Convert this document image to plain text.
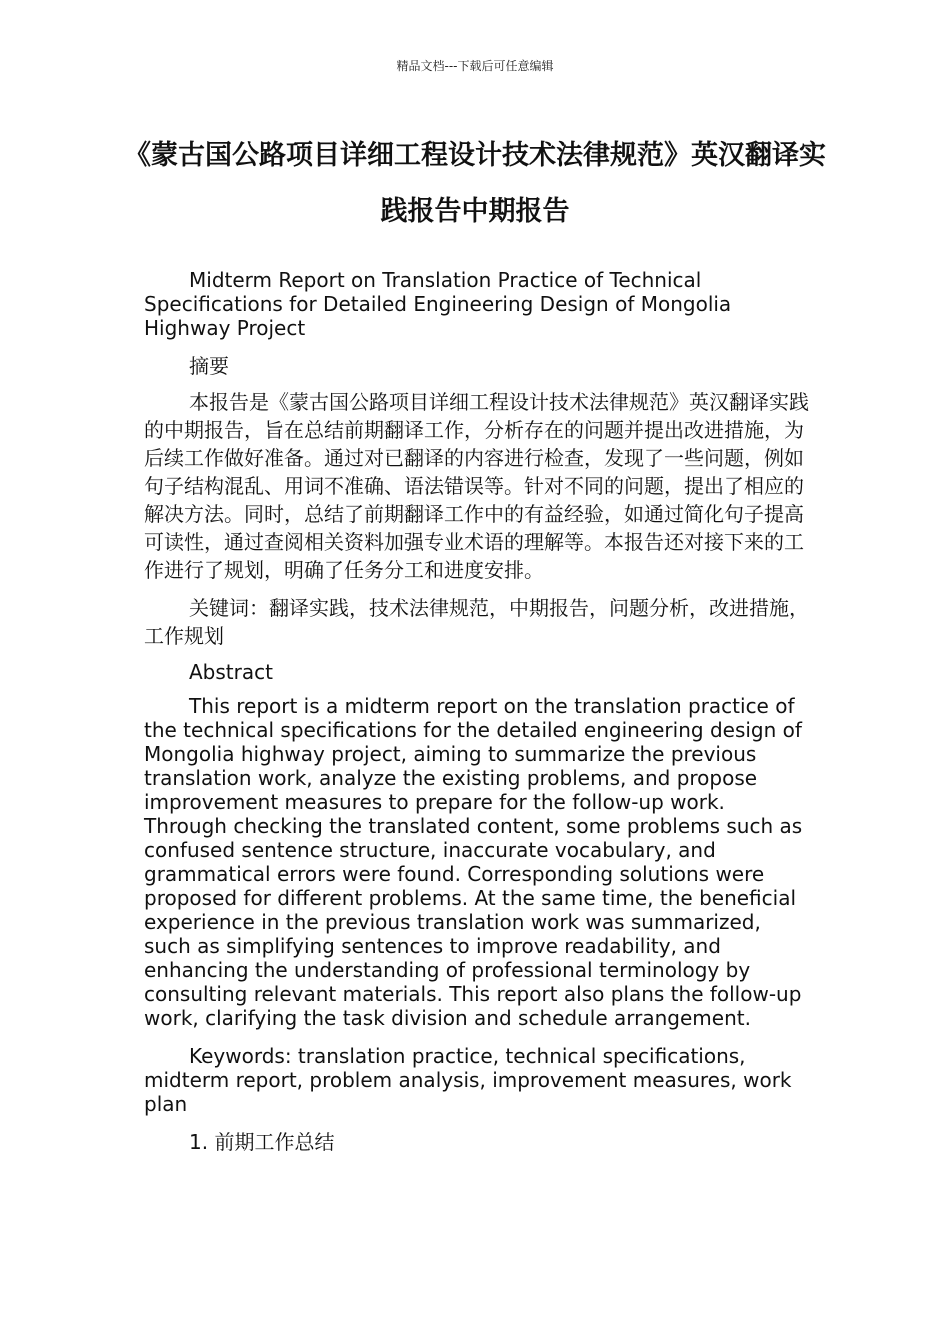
精品文档---下载后可任意编辑
《蒙古国公路项目详细工程设计技术法律规范》英汉翻译实践报告中期报告

Midterm Report on Translation Practice of Technical Specifications for Detailed Engineering Design of Mongolia Highway Project

摘要

本报告是《蒙古国公路项目详细工程设计技术法律规范》英汉翻译实践的中期报告，旨在总结前期翻译工作，分析存在的问题并提出改进措施，为后续工作做好准备。通过对已翻译的内容进行检查，发现了一些问题，例如句子结构混乱、用词不准确、语法错误等。针对不同的问题，提出了相应的解决方法。同时，总结了前期翻译工作中的有益经验，如通过简化句子提高可读性，通过查阅相关资料加强专业术语的理解等。本报告还对接下来的工作进行了规划，明确了任务分工和进度安排。

关键词：翻译实践，技术法律规范，中期报告，问题分析，改进措施，工作规划

Abstract

This report is a midterm report on the translation practice of the technical specifications for the detailed engineering design of Mongolia highway project, aiming to summarize the previous translation work, analyze the existing problems, and propose improvement measures to prepare for the follow-up work. Through checking the translated content, some problems such as confused sentence structure, inaccurate vocabulary, and grammatical errors were found. Corresponding solutions were proposed for different problems. At the same time, the beneficial experience in the previous translation work was summarized, such as simplifying sentences to improve readability, and enhancing the understanding of professional terminology by consulting relevant materials. This report also plans the follow-up work, clarifying the task division and schedule arrangement.

Keywords: translation practice, technical specifications, midterm report, problem analysis, improvement measures, work plan

1. 前期工作总结
